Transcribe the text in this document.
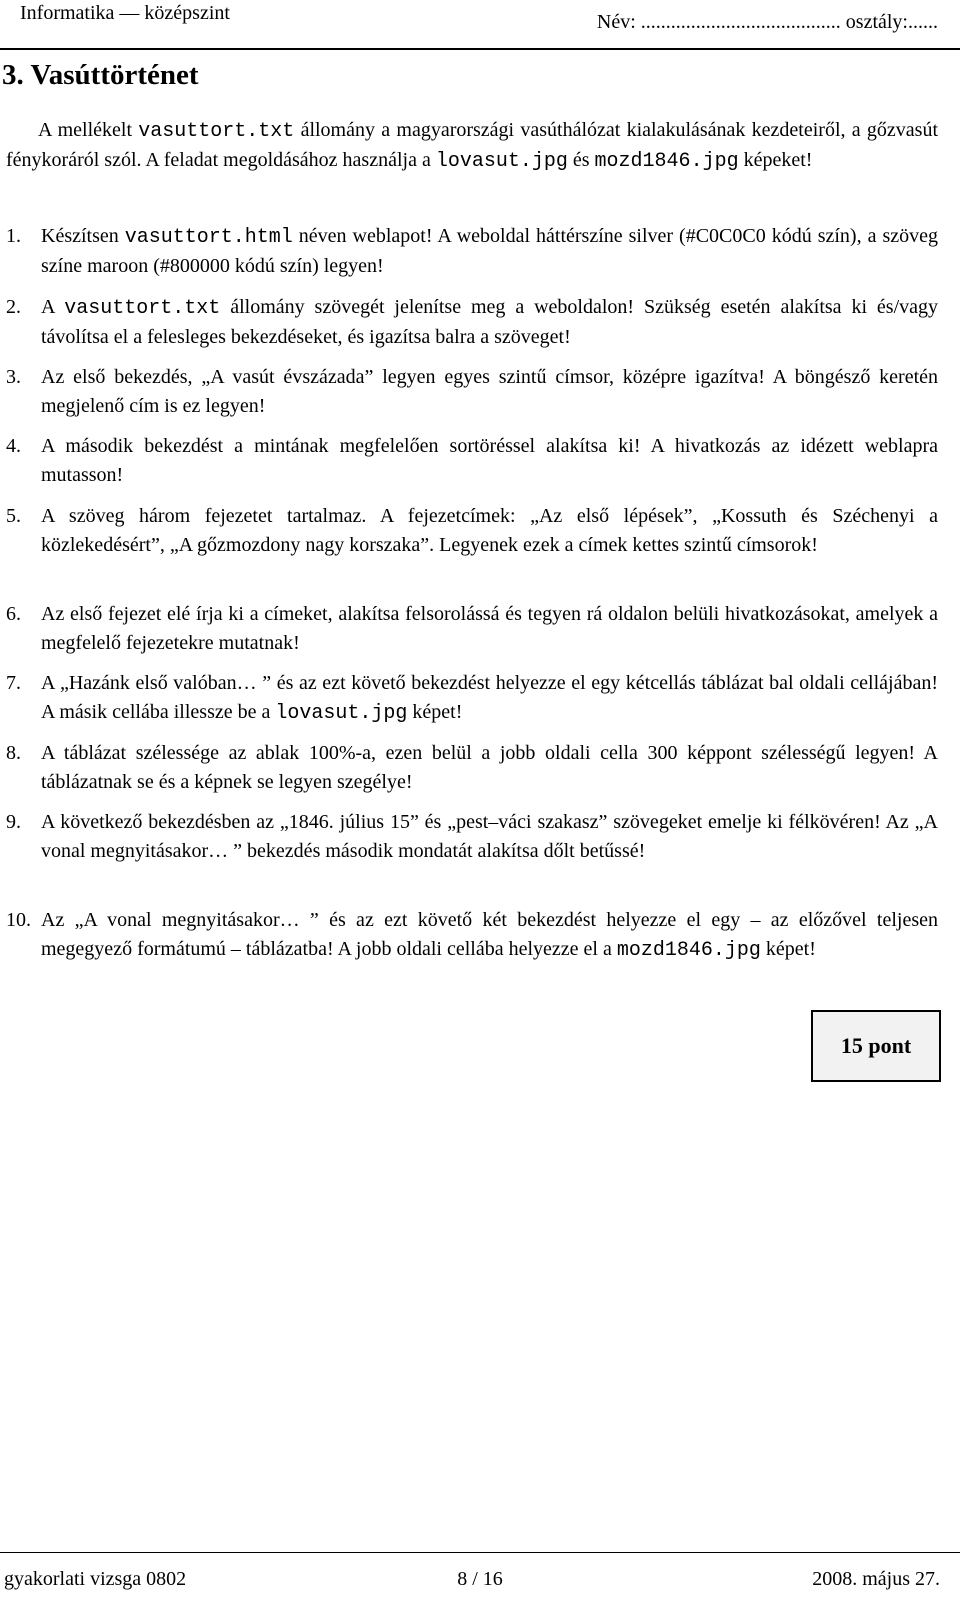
Informatika — középszint	Név: ........................................ osztály:......
3. Vasúttörténet

A mellékelt vasuttort.txt állomány a magyarországi vasúthálózat kialakulásának kezdeteiről, a gőzvasút fénykoráról szól. A feladat megoldásához használja a lovasut.jpg és mozd1846.jpg képeket!

1. Készítsen vasuttort.html néven weblapot! A weboldal háttérszíne silver (#C0C0C0 kódú szín), a szöveg színe maroon (#800000 kódú szín) legyen!

2. A vasuttort.txt állomány szövegét jelenítse meg a weboldalon! Szükség esetén alakítsa ki és/vagy távolítsa el a felesleges bekezdéseket, és igazítsa balra a szöveget!

3. Az első bekezdés, „A vasút évszázada” legyen egyes szintű címsor, középre igazítva! A böngésző keretén megjelenő cím is ez legyen!

4. A második bekezdést a mintának megfelelően sortöréssel alakítsa ki! A hivatkozás az idézett weblapra mutasson!

5. A szöveg három fejezetet tartalmaz. A fejezetcímek: „Az első lépések”, „Kossuth és Széchenyi a közlekedésért”, „A gőzmozdony nagy korszaka”. Legyenek ezek a címek kettes szintű címsorok!

6. Az első fejezet elé írja ki a címeket, alakítsa felsorolássá és tegyen rá oldalon belüli hivatkozásokat, amelyek a megfelelő fejezetekre mutatnak!

7. A „Hazánk első valóban… ” és az ezt követő bekezdést helyezze el egy kétcellás táblázat bal oldali cellájában! A másik cellába illessze be a lovasut.jpg képet!

8. A táblázat szélessége az ablak 100%-a, ezen belül a jobb oldali cella 300 képpont szélességű legyen! A táblázatnak se és a képnek se legyen szegélye!

9. A következő bekezdésben az „1846. július 15” és „pest–váci szakasz” szövegeket emelje ki félkövéren! Az „A vonal megnyitásakor… ” bekezdés második mondatát alakítsa dőlt betűssé!

10. Az „A vonal megnyitásakor… ” és az ezt követő két bekezdést helyezze el egy – az előzővel teljesen megegyező formátumú – táblázatba! A jobb oldali cellába helyezze el a mozd1846.jpg képet!

15 pont
gyakorlati vizsga 0802	8 / 16	2008. május 27.
